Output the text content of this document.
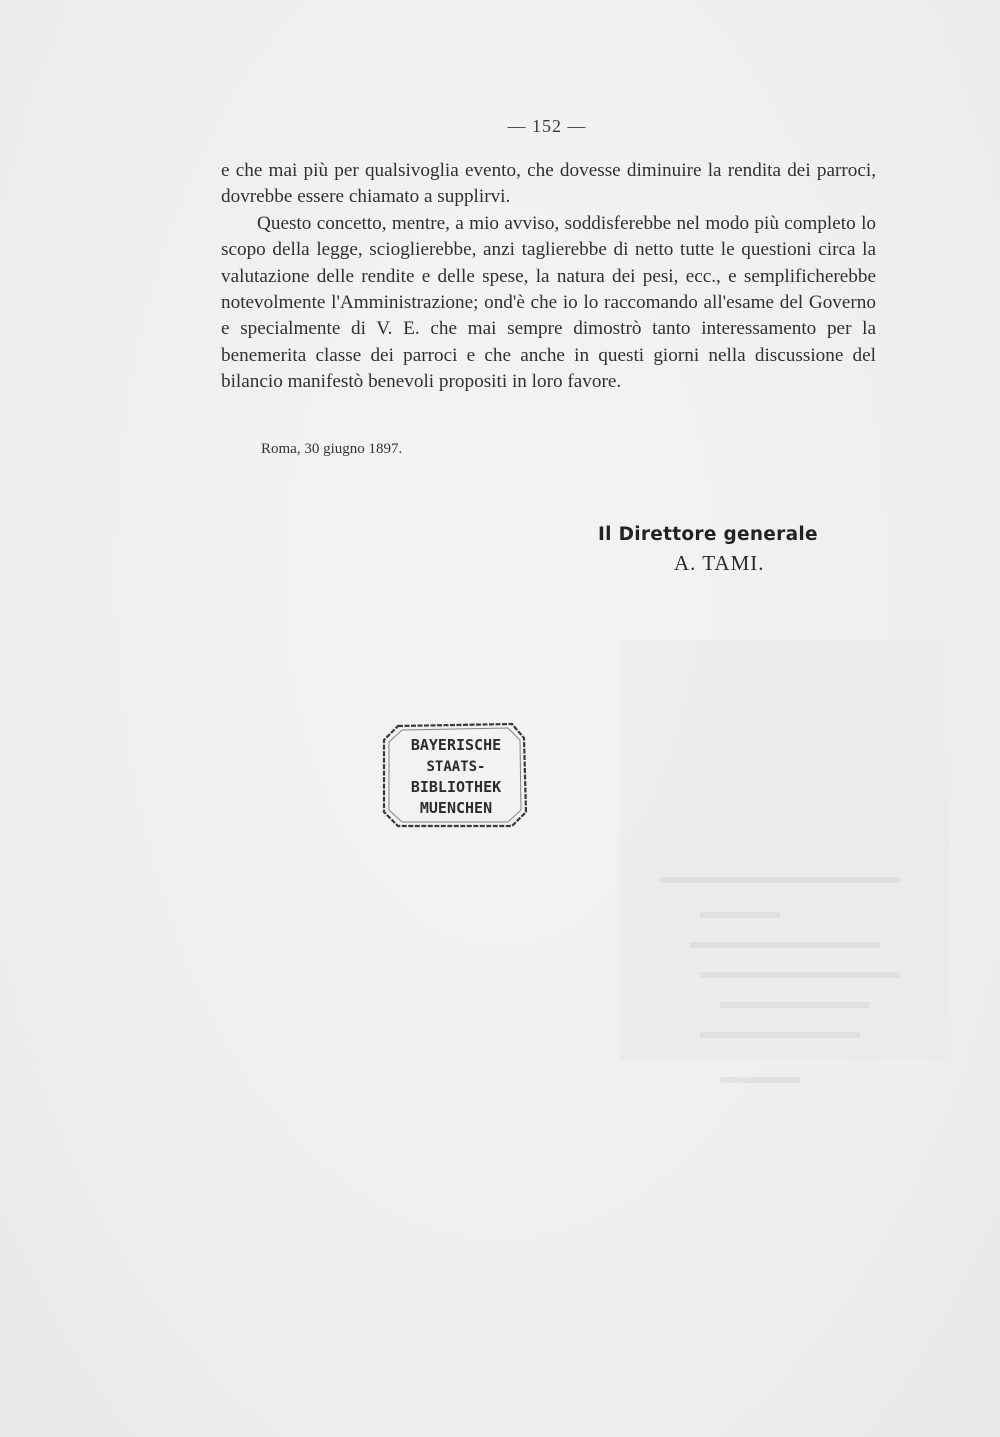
— 152 —

e che mai più per qualsivoglia evento, che dovesse diminuire la rendita dei parroci, dovrebbe essere chiamato a supplirvi.

Questo concetto, mentre, a mio avviso, soddisferebbe nel modo più completo lo scopo della legge, scioglierebbe, anzi taglierebbe di netto tutte le questioni circa la valutazione delle rendite e delle spese, la natura dei pesi, ecc., e semplificherebbe notevolmente l'Amministrazione; ond'è che io lo raccomando all'esame del Governo e specialmente di V. E. che mai sempre dimostrò tanto interessamento per la benemerita classe dei parroci e che anche in questi giorni nella discussione del bilancio manifestò benevoli propositi in loro favore.

Roma, 30 giugno 1897.
Il Direttore generale
A. TAMI.
BAYERISCHE
STAATS-
BIBLIOTHEK
MUENCHEN
